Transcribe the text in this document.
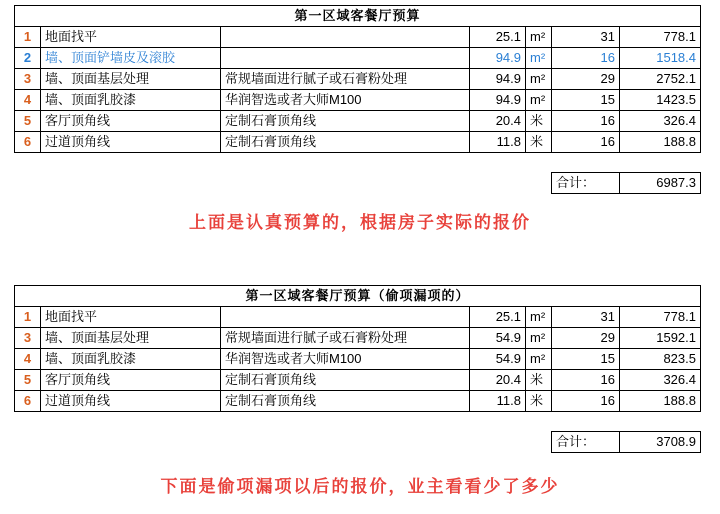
第一区域客餐厅预算						
1	地面找平		25.1	m²	31	778.1
2	墙、顶面铲墙皮及滚胶		94.9	m²	16	1518.4
3	墙、顶面基层处理	常规墙面进行腻子或石膏粉处理	94.9	m²	29	2752.1
4	墙、顶面乳胶漆	华润智选或者大师M100	94.9	m²	15	1423.5
5	客厅顶角线	定制石膏顶角线	20.4	米	16	326.4
6	过道顶角线	定制石膏顶角线	11.8	米	16	188.8

					合计：	6987.3
上面是认真预算的，根据房子实际的报价
第一区域客餐厅预算（偷项漏项的）						
1	地面找平		25.1	m²	31	778.1
3	墙、顶面基层处理	常规墙面进行腻子或石膏粉处理	54.9	m²	29	1592.1
4	墙、顶面乳胶漆	华润智选或者大师M100	54.9	m²	15	823.5
5	客厅顶角线	定制石膏顶角线	20.4	米	16	326.4
6	过道顶角线	定制石膏顶角线	11.8	米	16	188.8

					合计：	3708.9
下面是偷项漏项以后的报价，业主看看少了多少
